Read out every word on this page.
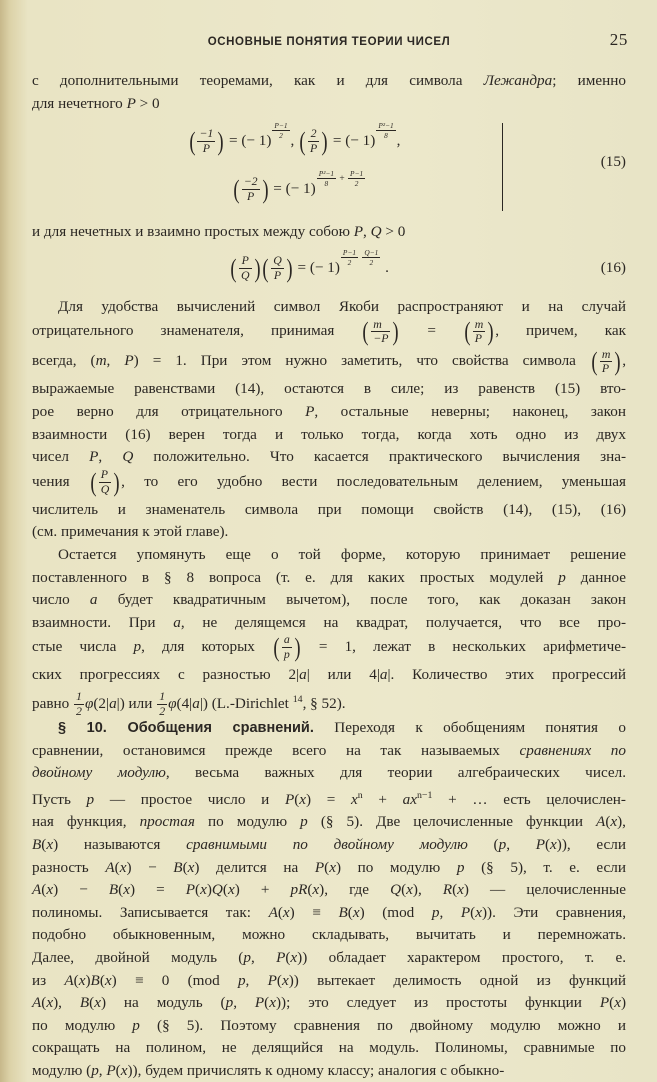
ОСНОВНЫЕ ПОНЯТИЯ ТЕОРИИ ЧИСЕЛ	25
с дополнительными теоремами, как и для символа Лежандра; именно
для нечетного P > 0
( $\frac{-1}{P}$ ) = (− 1)
$\frac{P-1}{2}$
, ( $\frac{2}{P}$ ) = (− 1)
$\frac{\text{P²−1}}{8}$
,
( $\frac{-2}{P}$ ) = (− 1)
$\frac{\text{P²−1}}{8} + \frac{P-1}{2}$
(15)
и для нечетных и взаимно простых между собою P, Q > 0
( $\frac{P}{Q}$ )( $\frac{Q}{P}$ ) = (− 1)
$\frac{P-1}{2}$
$\frac{Q-1}{2}$
.	(16)
Для удобства вычислений символ Якоби распространяют и на случай
отрицательного знаменателя, принимая ( $\frac{m}{-P}$ ) = ( $\frac{m}{P}$ ), причем, как
всегда, (m, P) = 1. При этом нужно заметить, что свойства символа ( $\frac{m}{P}$ ),
выражаемые равенствами (14), остаются в силе; из равенств (15) вто-
рое верно для отрицательного P, остальные неверны; наконец, закон
взаимности (16) верен тогда и только тогда, когда хоть одно из двух
чисел P, Q положительно. Что касается практического вычисления зна-
чения ( $\frac{P}{Q}$ ), то его удобно вести последовательным делением, уменьшая
числитель и знаменатель символа при помощи свойств (14), (15), (16)
(см. примечания к этой главе).
Остается упомянуть еще о той форме, которую принимает решение
поставленного в § 8 вопроса (т. е. для каких простых модулей p данное
число a будет квадратичным вычетом), после того, как доказан закон
взаимности. При a, не делящемся на квадрат, получается, что все про-
стые числа p, для которых ( $\frac{a}{p}$ ) = 1, лежат в нескольких арифметиче-
ских прогрессиях с разностью 2|a| или 4|a|. Количество этих прогрессий
равно $\frac{1}{2} \varphi(2|a|)$ или $\frac{1}{2} \varphi(4|a|)$ (L.-Dirichlet $^{14}$, § 52).
§ 10. Обобщения сравнений. Переходя к обобщениям понятия о
сравнении, остановимся прежде всего на так называемых сравнениях по
двойному модулю, весьма важных для теории алгебраических чисел.
Пусть p — простое число и $P(x) = x^n + ax^{n-1}$ + … есть целочислен-
ная функция, простая по модулю p (§ 5). Две целочисленные функции A(x),
B(x) называются сравнимыми по двойному модулю (p, P(x)), если
разность A(x) − B(x) делится на P(x) по модулю p (§ 5), т. е. если
A(x) − B(x) = P(x)Q(x) + pR(x), где Q(x), R(x) — целочисленные
полиномы. Записывается так: A(x) ≡ B(x) (mod p, P(x)). Эти сравнения,
подобно обыкновенным, можно складывать, вычитать и перемножать.
Далее, двойной модуль (p, P(x)) обладает характером простого, т. е.
из A(x)B(x) ≡ 0 (mod p, P(x)) вытекает делимость одной из функций
A(x), B(x) на модуль (p, P(x)); это следует из простоты функции P(x)
по модулю p (§ 5). Поэтому сравнения по двойному модулю можно и
сокращать на полином, не делящийся на модуль. Полиномы, сравнимые по
модулю (p, P(x)), будем причислять к одному классу; аналогия с обыкно-
